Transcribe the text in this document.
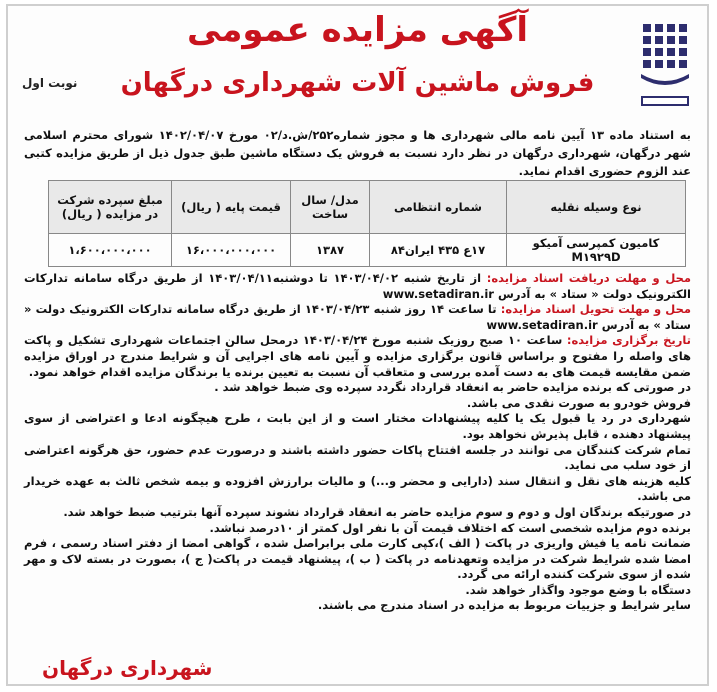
آگهی مزایده عمومی
فروش ماشین آلات شهرداری درگهان
نوبت اول
به استناد ماده ۱۳ آیین نامه مالی شهرداری ها و مجوز شماره۲۵۲/ش.د/۰۲ مورخ ۱۴۰۲/۰۴/۰۷ شورای محترم اسلامی شهر درگهان، شهرداری درگهان در نظر دارد نسبت به فروش یک دستگاه ماشین طبق جدول ذیل از طریق مزایده کتبی عند الزوم حضوری اقدام نماید.
نوع وسیله نقلیه	شماره انتظامی	مدل/ سال ساخت	قیمت پایه ( ریال)	مبلغ سپرده شرکت در مزایده ( ریال)
کامیون کمپرسی آمیکو M۱۹۲۹D	۱۷ع ۴۳۵ ایران۸۴	۱۳۸۷	۱۶،۰۰۰،۰۰۰،۰۰۰	۱،۶۰۰،۰۰۰،۰۰۰

محل و مهلت دریافت اسناد مزایده: از تاریخ شنبه ۱۴۰۳/۰۴/۰۲ تا دوشنبه۱۴۰۳/۰۴/۱۱ از طریق درگاه سامانه تدارکات الکترونیک دولت « ستاد » به آدرس www.setadiran.ir

محل و مهلت تحویل اسناد مزایده: تا ساعت ۱۴ روز شنبه ۱۴۰۳/۰۴/۲۳ از طریق درگاه سامانه تدارکات الکترونیک دولت « ستاد » به آدرس www.setadiran.ir

تاریخ برگزاری مزایده: ساعت ۱۰ صبح روزیک شنبه مورخ ۱۴۰۳/۰۴/۲۴ درمحل سالن اجتماعات شهرداری تشکیل و پاکت های واصله را مفتوح و براساس قانون برگزاری مزایده و آیین نامه های اجرایی آن و شرایط مندرج در اوراق مزایده ضمن مقایسه قیمت های به دست آمده بررسی و متعاقب آن نسبت به تعیین برنده یا برندگان مزایده اقدام خواهد نمود.

در صورتی که برنده مزایده حاضر به انعقاد قرارداد نگردد سپرده وی ضبط خواهد شد .

فروش خودرو به صورت نقدی می باشد.

شهرداری در رد یا قبول یک یا کلیه پیشنهادات مختار است و از این بابت ، طرح هیچگونه ادعا و اعتراضی از سوی پیشنهاد دهنده ، قابل پذیرش نخواهد بود.

تمام شرکت کنندگان می توانند در جلسه افتتاح پاکات حضور داشته باشند و درصورت عدم حضور، حق هرگونه اعتراضی از خود سلب می نماید.

کلیه هزینه های نقل و انتقال سند (دارایی و محضر و...) و مالیات برارزش افزوده و بیمه شخص ثالث به عهده خریدار می باشد.

در صورتیکه برندگان اول و دوم و سوم مزایده حاضر به انعقاد قرارداد نشوند سپرده آنها بترتیب ضبط خواهد شد.

برنده دوم مزایده شخصی است که اختلاف قیمت آن با نفر اول کمتر از ۱۰درصد نباشد.

ضمانت نامه یا فیش واریزی در پاکت ( الف )،کپی کارت ملی برابراصل شده ، گواهی امضا از دفتر اسناد رسمی ، فرم امضا شده شرایط شرکت در مزایده وتعهدنامه در پاکت ( ب )، پیشنهاد قیمت در پاکت( ج )، بصورت در بسته لاک و مهر شده از سوی شرکت کننده ارائه می گردد.

دستگاه با وضع موجود واگذار خواهد شد.

سایر شرایط و جزییات مربوط به مزایده در اسناد مندرج می باشند.

شهرداری درگهان
